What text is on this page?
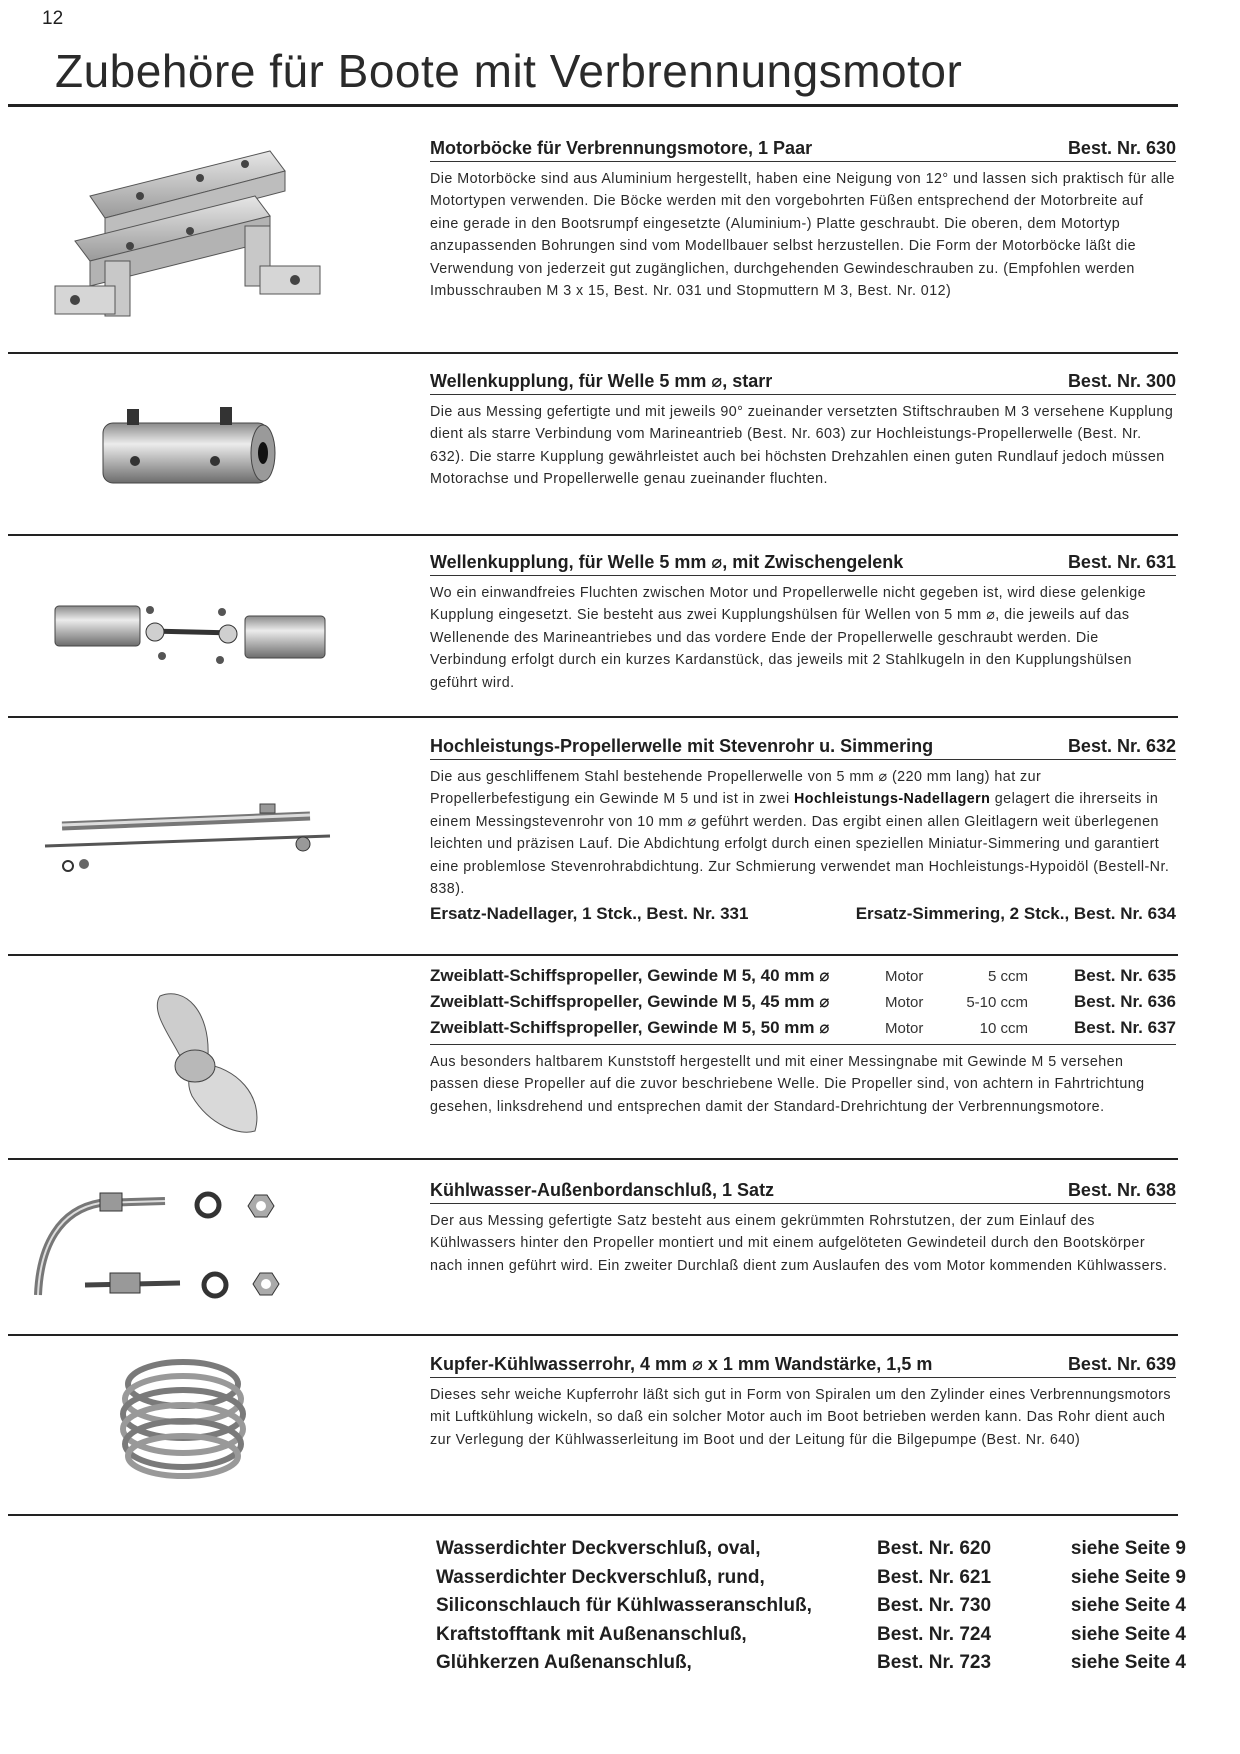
12
Zubehöre für Boote mit Verbrennungsmotor
Motorböcke für Verbrennungsmotore, 1 Paar	Best. Nr. 630

Die Motorböcke sind aus Aluminium hergestellt, haben eine Neigung von 12° und lassen sich praktisch für alle Motortypen verwenden. Die Böcke werden mit den vorgebohrten Füßen entsprechend der Motorbreite auf eine gerade in den Bootsrumpf eingesetzte (Aluminium-) Platte geschraubt. Die oberen, dem Motortyp anzupassenden Bohrungen sind vom Modellbauer selbst herzustellen. Die Form der Motorböcke läßt die Verwendung von jederzeit gut zugänglichen, durchgehenden Gewindeschrauben zu. (Empfohlen werden Imbusschrauben M 3 x 15, Best. Nr. 031 und Stopmuttern M 3, Best. Nr. 012)

Wellenkupplung, für Welle 5 mm ⌀, starr	Best. Nr. 300

Die aus Messing gefertigte und mit jeweils 90° zueinander versetzten Stiftschrauben M 3 versehene Kupplung dient als starre Verbindung vom Marineantrieb (Best. Nr. 603) zur Hochleistungs-Propellerwelle (Best. Nr. 632). Die starre Kupplung gewährleistet auch bei höchsten Drehzahlen einen guten Rundlauf jedoch müssen Motorachse und Propellerwelle genau zueinander fluchten.

Wellenkupplung, für Welle 5 mm ⌀, mit Zwischengelenk	Best. Nr. 631

Wo ein einwandfreies Fluchten zwischen Motor und Propellerwelle nicht gegeben ist, wird diese gelenkige Kupplung eingesetzt. Sie besteht aus zwei Kupplungshülsen für Wellen von 5 mm ⌀, die jeweils auf das Wellenende des Marineantriebes und das vordere Ende der Propellerwelle geschraubt werden. Die Verbindung erfolgt durch ein kurzes Kardanstück, das jeweils mit 2 Stahlkugeln in den Kupplungshülsen geführt wird.

Hochleistungs-Propellerwelle mit Stevenrohr u. Simmering	Best. Nr. 632

Die aus geschliffenem Stahl bestehende Propellerwelle von 5 mm ⌀ (220 mm lang) hat zur Propellerbefestigung ein Gewinde M 5 und ist in zwei Hochleistungs-Nadellagern gelagert die ihrerseits in einem Messingstevenrohr von 10 mm ⌀ geführt werden. Das ergibt einen allen Gleitlagern weit überlegenen leichten und präzisen Lauf. Die Abdichtung erfolgt durch einen speziellen Miniatur-Simmering und garantiert eine problemlose Stevenrohrabdichtung. Zur Schmierung verwendet man Hochleistungs-Hypoidöl (Bestell-Nr. 838).

Ersatz-Nadellager, 1 Stck., Best. Nr. 331	Ersatz-Simmering, 2 Stck., Best. Nr. 634
Zweiblatt-Schiffspropeller, Gewinde M 5, 40 mm ⌀	Motor	5 ccm	Best. Nr. 635
Zweiblatt-Schiffspropeller, Gewinde M 5, 45 mm ⌀	Motor	5-10 ccm	Best. Nr. 636
Zweiblatt-Schiffspropeller, Gewinde M 5, 50 mm ⌀	Motor	10 ccm	Best. Nr. 637

Aus besonders haltbarem Kunststoff hergestellt und mit einer Messingnabe mit Gewinde M 5 versehen passen diese Propeller auf die zuvor beschriebene Welle. Die Propeller sind, von achtern in Fahrtrichtung gesehen, linksdrehend und entsprechen damit der Standard-Drehrichtung der Verbrennungsmotore.

Kühlwasser-Außenbordanschluß, 1 Satz	Best. Nr. 638

Der aus Messing gefertigte Satz besteht aus einem gekrümmten Rohrstutzen, der zum Einlauf des Kühlwassers hinter den Propeller montiert und mit einem aufgelöteten Gewindeteil durch den Bootskörper nach innen geführt wird. Ein zweiter Durchlaß dient zum Auslaufen des vom Motor kommenden Kühlwassers.

Kupfer-Kühlwasserrohr, 4 mm ⌀ x 1 mm Wandstärke, 1,5 m	Best. Nr. 639

Dieses sehr weiche Kupferrohr läßt sich gut in Form von Spiralen um den Zylinder eines Verbrennungsmotors mit Luftkühlung wickeln, so daß ein solcher Motor auch im Boot betrieben werden kann. Das Rohr dient auch zur Verlegung der Kühlwasserleitung im Boot und der Leitung für die Bilgepumpe (Best. Nr. 640)

Wasserdichter Deckverschluß, oval,	Best. Nr. 620	siehe Seite 9
Wasserdichter Deckverschluß, rund,	Best. Nr. 621	siehe Seite 9
Siliconschlauch für Kühlwasseranschluß,	Best. Nr. 730	siehe Seite 4
Kraftstofftank mit Außenanschluß,	Best. Nr. 724	siehe Seite 4
Glühkerzen Außenanschluß,	Best. Nr. 723	siehe Seite 4
